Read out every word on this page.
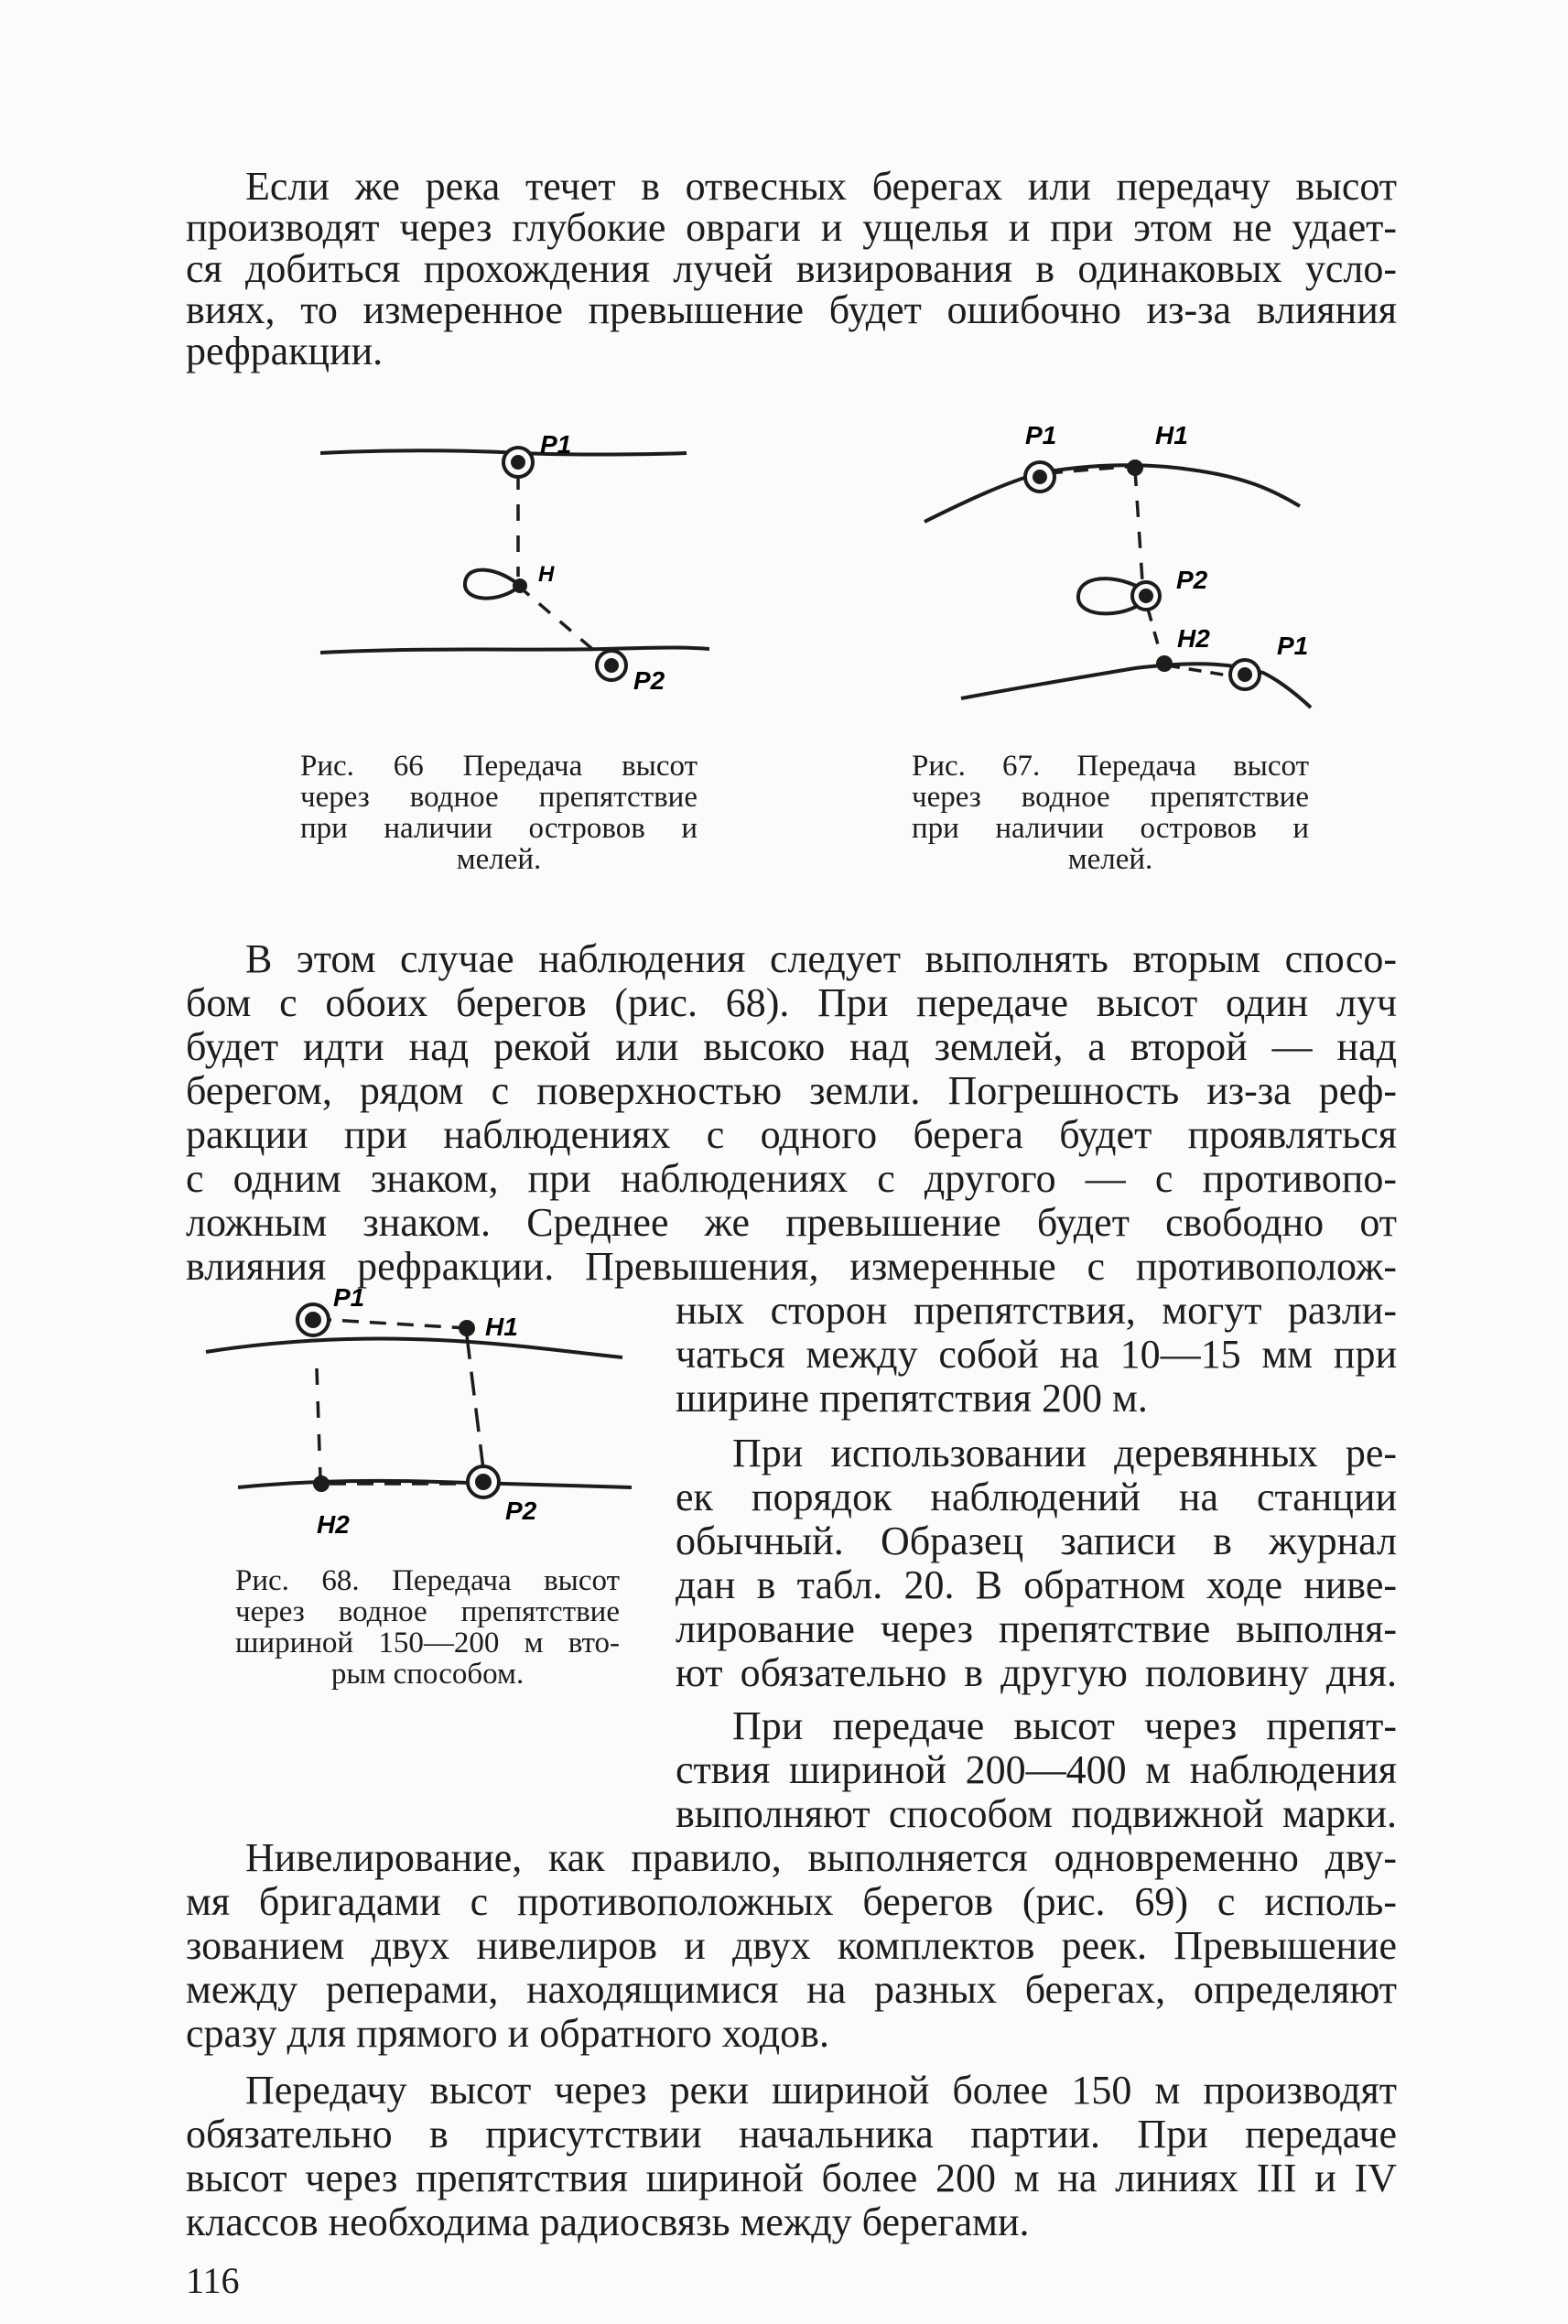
Если же река течет в отвесных берегах или передачу высот
производят через глубокие овраги и ущелья и при этом не удает-
ся добиться прохождения лучей визирования в одинаковых усло-
виях, то измеренное превышение будет ошибочно из-за влияния
рефракции.
P1
H
P2
Рис. 66 Передача высот
через водное препятствие
при наличии островов и
мелей.
P1	H1
P2
H2	P1
Рис. 67. Передача высот
через водное препятствие
при наличии островов и
мелей.
В этом случае наблюдения следует выполнять вторым спосо-
бом с обоих берегов (рис. 68). При передаче высот один луч
будет идти над рекой или высоко над землей, а второй — над
берегом, рядом с поверхностью земли. Погрешность из-за реф-
ракции при наблюдениях с одного берега будет проявляться
с одним знаком, при наблюдениях с другого — с противопо-
ложным знаком. Среднее же превышение будет свободно от
влияния рефракции. Превышения, измеренные с противополож-
ных сторон препятствия, могут разли-
чаться между собой на 10—15 мм при
ширине препятствия 200 м.
При использовании деревянных ре-
ек порядок наблюдений на станции
обычный. Образец записи в журнал
дан в табл. 20. В обратном ходе ниве-
лирование через препятствие выполня-
ют обязательно в другую половину дня.
При передаче высот через препят-
ствия шириной 200—400 м наблюдения
выполняют способом подвижной марки.
P1
H1
H2	P2
Рис. 68. Передача высот
через водное препятствие
шириной 150—200 м вто-
рым способом.
Нивелирование, как правило, выполняется одновременно дву-
мя бригадами с противоположных берегов (рис. 69) с исполь-
зованием двух нивелиров и двух комплектов реек. Превышение
между реперами, находящимися на разных берегах, определяют
сразу для прямого и обратного ходов.
Передачу высот через реки шириной более 150 м производят
обязательно в присутствии начальника партии. При передаче
высот через препятствия шириной более 200 м на линиях III и IV
классов необходима радиосвязь между берегами.
116
